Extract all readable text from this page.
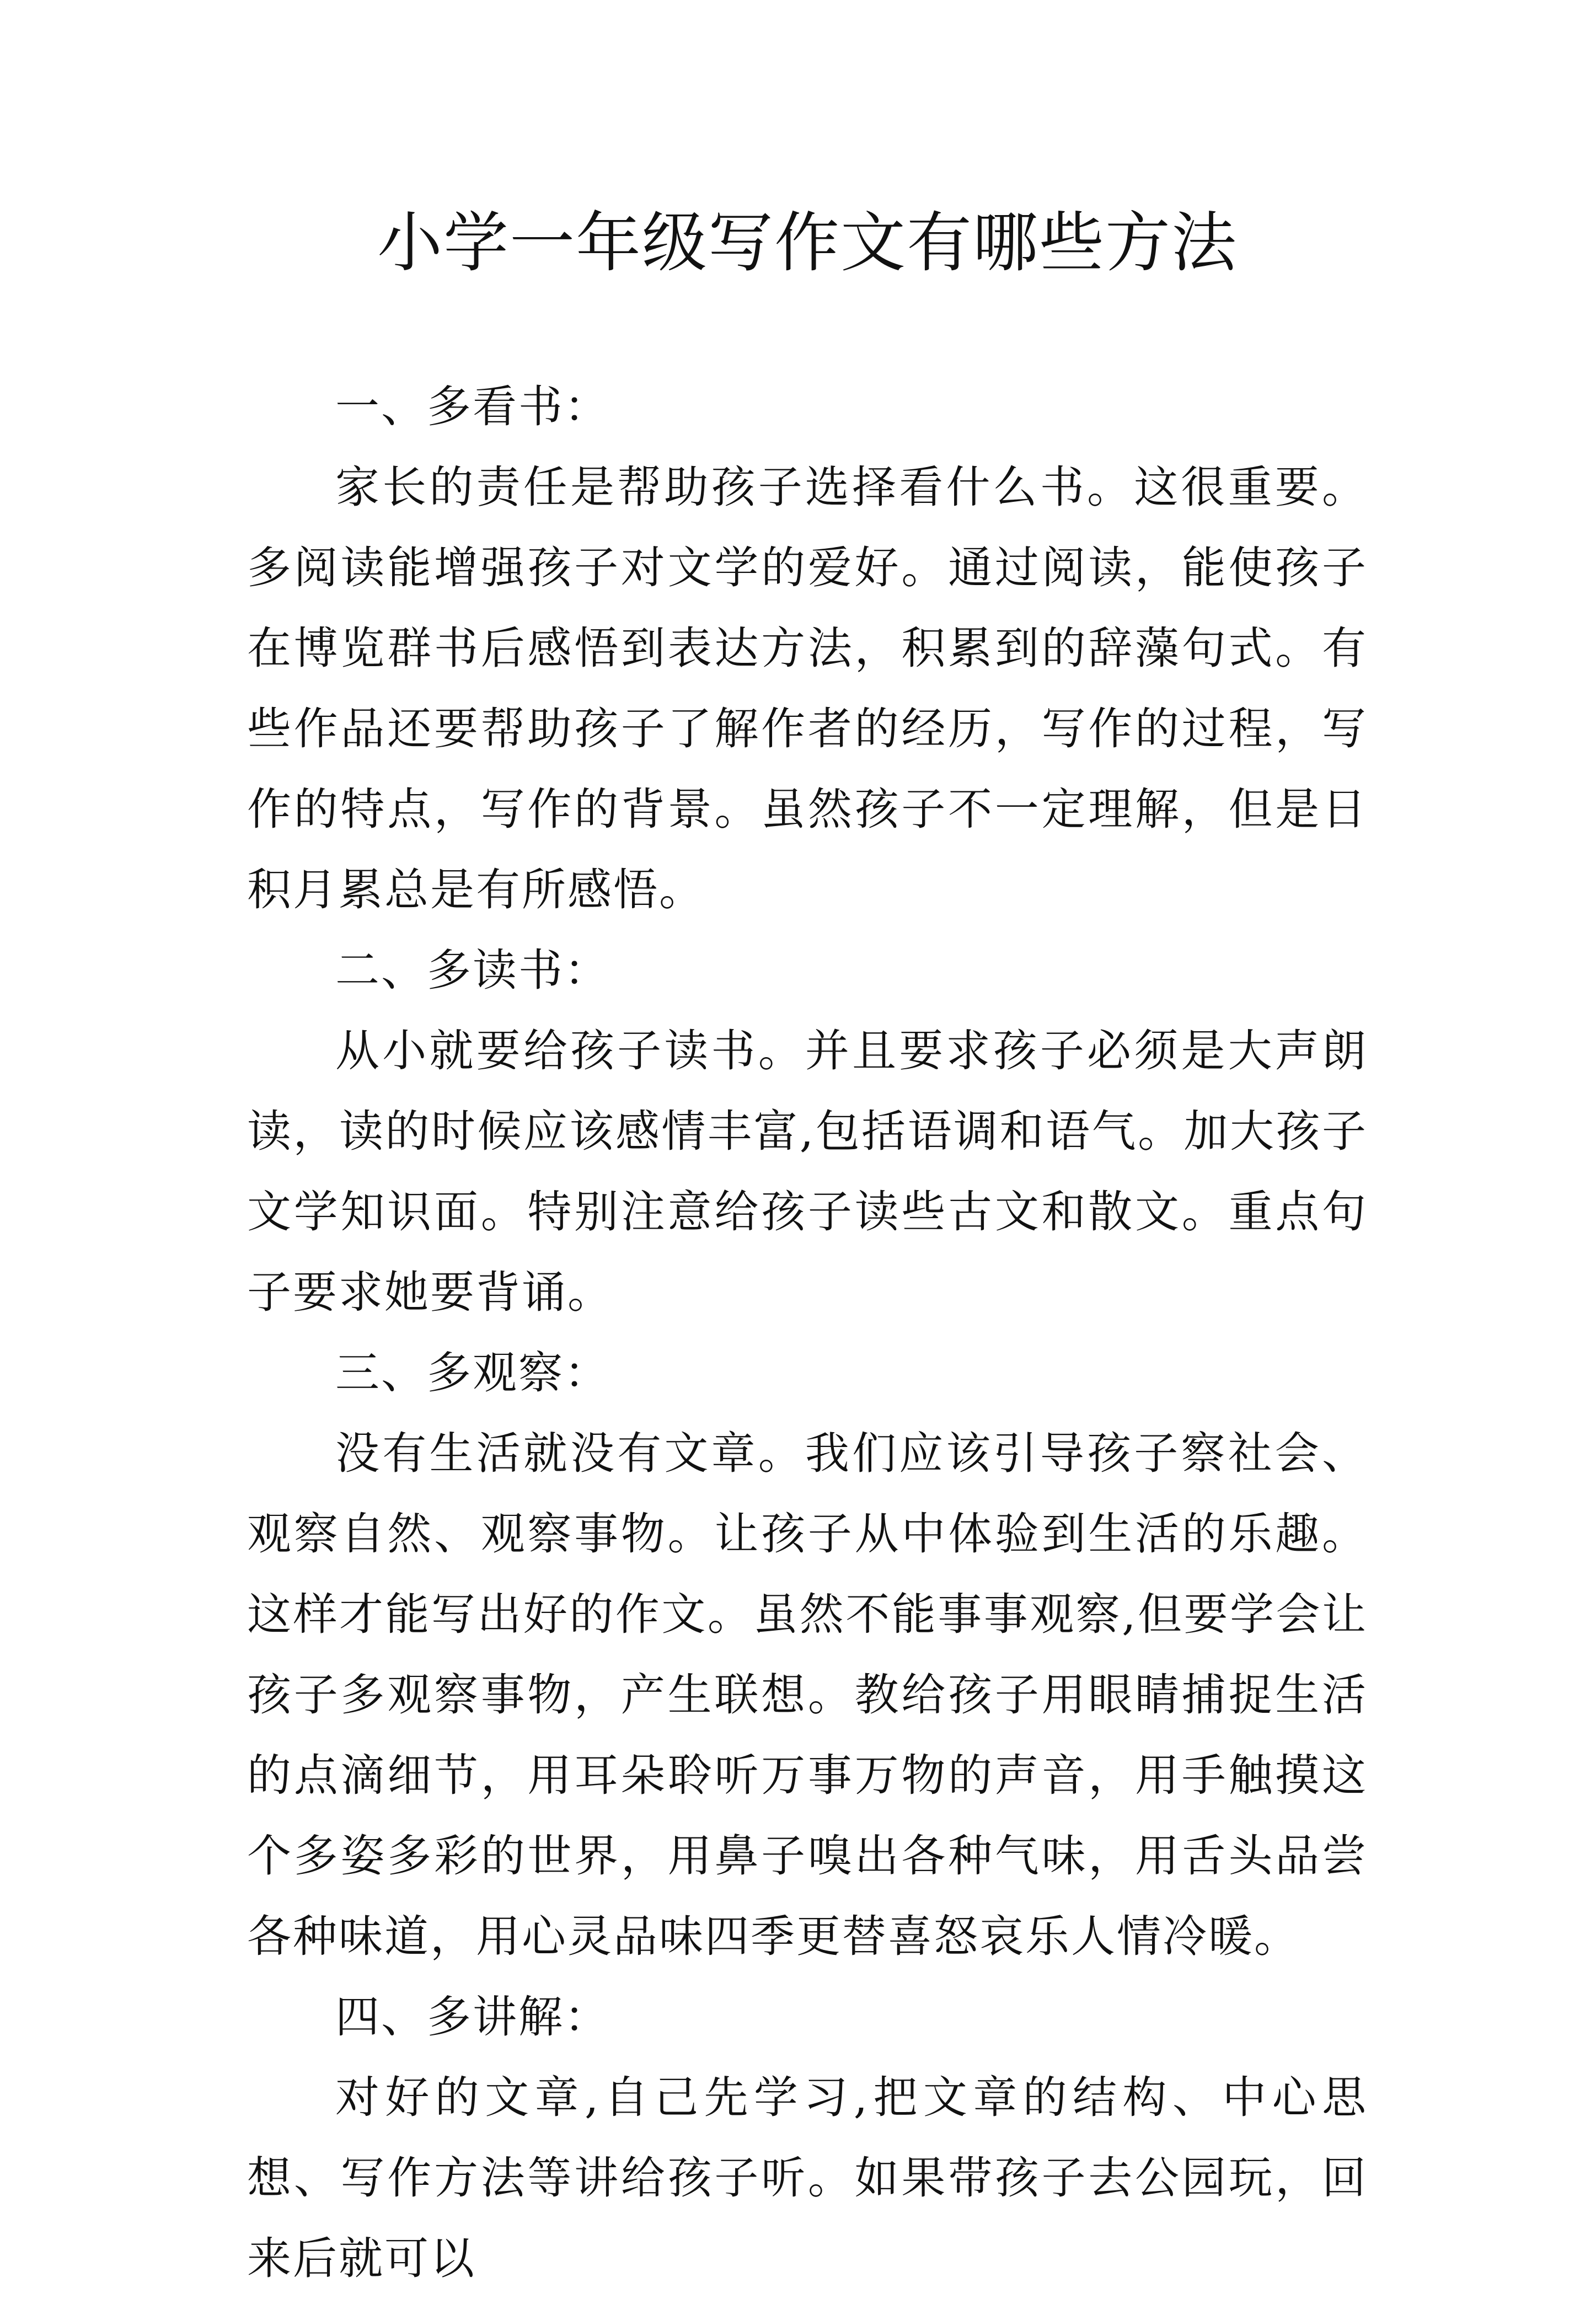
小学一年级写作文有哪些方法

一、多看书：

家长的责任是帮助孩子选择看什么书。这很重要。多阅读能增强孩子对文学的爱好。通过阅读，能使孩子在博览群书后感悟到表达方法，积累到的辞藻句式。有些作品还要帮助孩子了解作者的经历，写作的过程，写作的特点，写作的背景。虽然孩子不一定理解，但是日积月累总是有所感悟。

二、多读书：

从小就要给孩子读书。并且要求孩子必须是大声朗读，读的时候应该感情丰富,包括语调和语气。加大孩子文学知识面。特别注意给孩子读些古文和散文。重点句子要求她要背诵。

三、多观察：

没有生活就没有文章。我们应该引导孩子察社会、观察自然、观察事物。让孩子从中体验到生活的乐趣。这样才能写出好的作文。虽然不能事事观察,但要学会让孩子多观察事物，产生联想。教给孩子用眼睛捕捉生活的点滴细节，用耳朵聆听万事万物的声音，用手触摸这个多姿多彩的世界，用鼻子嗅出各种气味，用舌头品尝各种味道，用心灵品味四季更替喜怒哀乐人情冷暖。

四、多讲解：

对好的文章,自己先学习,把文章的结构、中心思想、写作方法等讲给孩子听。如果带孩子去公园玩，回来后就可以
